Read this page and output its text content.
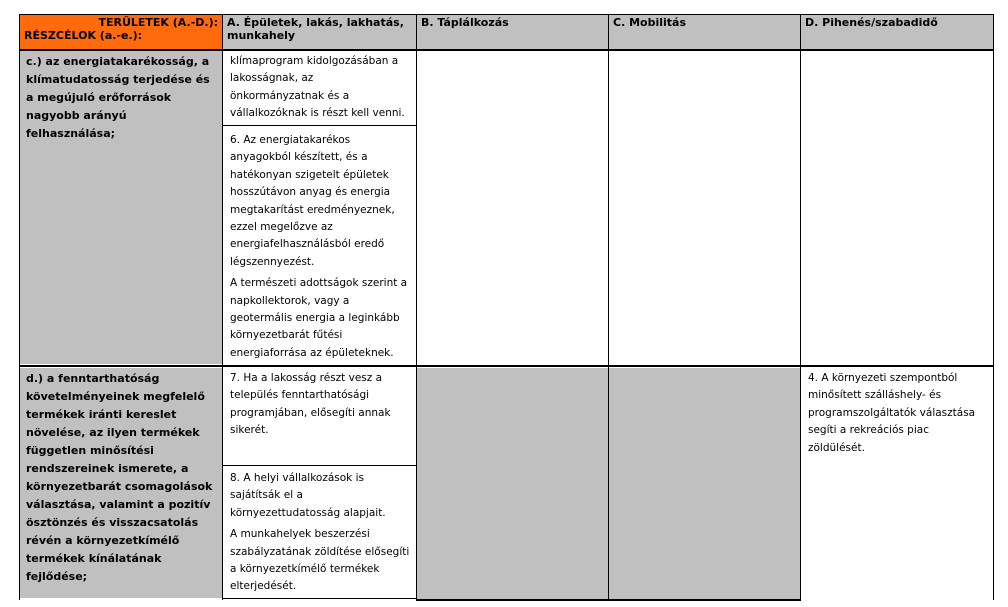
TERÜLETEK (A.-D.):
RÉSZCÉLOK (a.-e.):
A. Épületek, lakás, lakhatás, munkahely
B. Táplálkozás	C. Mobilitás	D. Pihenés/szabadidő
c.) az energiatakarékosság, a klímatudatosság terjedése és a megújuló erőforrások nagyobb arányú felhasználása;

klímaprogram kidolgozásában a lakosságnak, az önkormányzatnak és a vállalkozóknak is részt kell venni.

6. Az energiatakarékos anyagokból készített, és a hatékonyan szigetelt épületek hosszútávon anyag és energia megtakarítást eredményeznek, ezzel megelőzve az energiafelhasználásból eredő légszennyezést.

A természeti adottságok szerint a napkollektorok, vagy a geotermális energia a leginkább környezetbarát fűtési energiaforrása az épületeknek.

d.) a fenntarthatóság követelményeinek megfelelő termékek iránti kereslet növelése, az ilyen termékek független minősítési rendszereinek ismerete, a környezetbarát csomagolások választása, valamint a pozitív ösztönzés és visszacsatolás révén a környezetkímélő termékek kínálatának fejlődése;

7. Ha a lakosság részt vesz a település fenntarthatósági programjában, elősegíti annak sikerét.

8. A helyi vállalkozások is sajátítsák el a környezettudatosság alapjait.

A munkahelyek beszerzési szabályzatának zöldítése elősegíti a környezetkímélő termékek elterjedését.

4. A környezeti szempontból minősített szálláshely- és programszolgáltatók választása segíti a rekreációs piac zöldülését.
